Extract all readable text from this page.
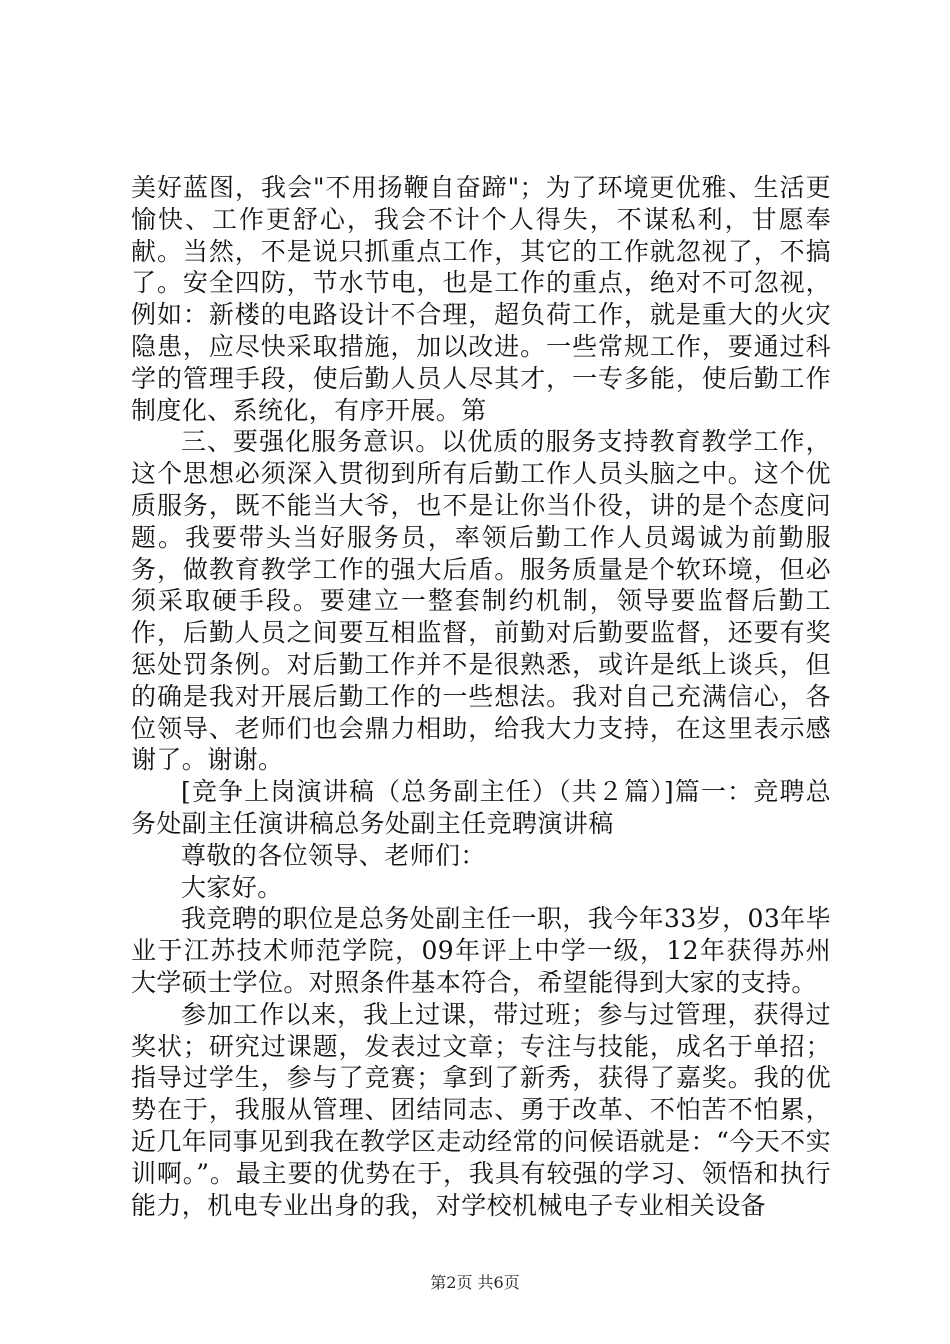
美好蓝图，我会"不用扬鞭自奋蹄"；为了环境更优雅、生活更愉快、工作更舒心，我会不计个人得失，不谋私利，甘愿奉献。当然，不是说只抓重点工作，其它的工作就忽视了，不搞了。安全四防，节水节电，也是工作的重点，绝对不可忽视，例如：新楼的电路设计不合理，超负荷工作，就是重大的火灾隐患，应尽快采取措施，加以改进。一些常规工作，要通过科学的管理手段，使后勤人员人尽其才，一专多能，使后勤工作制度化、系统化，有序开展。第

三、要强化服务意识。以优质的服务支持教育教学工作，这个思想必须深入贯彻到所有后勤工作人员头脑之中。这个优质服务，既不能当大爷，也不是让你当仆役，讲的是个态度问题。我要带头当好服务员，率领后勤工作人员竭诚为前勤服务，做教育教学工作的强大后盾。服务质量是个软环境，但必须采取硬手段。要建立一整套制约机制，领导要监督后勤工作，后勤人员之间要互相监督，前勤对后勤要监督，还要有奖惩处罚条例。对后勤工作并不是很熟悉，或许是纸上谈兵，但的确是我对开展后勤工作的一些想法。我对自己充满信心，各位领导、老师们也会鼎力相助，给我大力支持，在这里表示感谢了。谢谢。

[竞争上岗演讲稿（总务副主任）（共２篇）]篇一：竞聘总务处副主任演讲稿总务处副主任竞聘演讲稿

尊敬的各位领导、老师们：

大家好。

我竞聘的职位是总务处副主任一职，我今年33岁，03年毕业于江苏技术师范学院，09年评上中学一级，12年获得苏州大学硕士学位。对照条件基本符合，希望能得到大家的支持。

参加工作以来，我上过课，带过班；参与过管理，获得过奖状；研究过课题，发表过文章；专注与技能，成名于单招；指导过学生，参与了竞赛；拿到了新秀，获得了嘉奖。我的优势在于，我服从管理、团结同志、勇于改革、不怕苦不怕累，近几年同事见到我在教学区走动经常的问候语就是：“今天不实训啊。”。最主要的优势在于，我具有较强的学习、领悟和执行能力，机电专业出身的我，对学校机械电子专业相关设备

第2页 共6页
